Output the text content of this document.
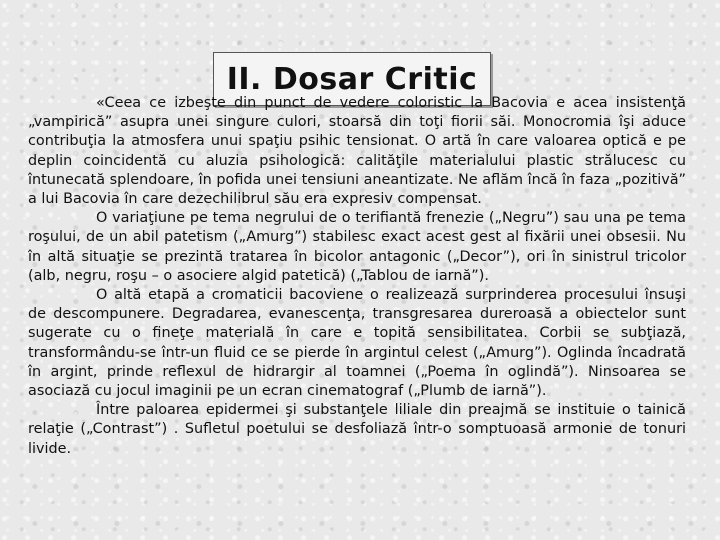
II. Dosar Critic

«Ceea ce izbeşte din punct de vedere coloristic la Bacovia e acea insistenţă „vampirică” asupra unei singure culori, stoarsă din toţi fiorii săi. Monocromia îşi aduce contribuţia la atmosfera unui spaţiu psihic tensionat. O artă în care valoarea optică e pe deplin coincidentă cu aluzia psihologică: calităţile materialului plastic strălucesc cu întunecată splendoare, în pofida unei tensiuni aneantizate. Ne aflăm încă în faza „pozitivă” a lui Bacovia în care dezechilibrul său era expresiv compensat.

O variaţiune pe tema negrului de o terifiantă frenezie („Negru”) sau una pe tema roşului, de un abil patetism („Amurg”) stabilesc exact acest gest al fixării unei obsesii. Nu în altă situaţie se prezintă tratarea în bicolor antagonic („Decor”), ori în sinistrul tricolor (alb, negru, roşu – o asociere algid patetică) („Tablou de iarnă”).

O altă etapă a cromaticii bacoviene o realizează surprinderea procesului însuşi de descompunere. Degradarea, evanescenţa, transgresarea dureroasă a obiectelor sunt sugerate cu o fineţe materială în care e topită sensibilitatea. Corbii se subţiază, transformându-se într-un fluid ce se pierde în argintul celest („Amurg”). Oglinda încadrată în argint, prinde reflexul de hidrargir al toamnei („Poema în oglindă”). Ninsoarea se asociază cu jocul imaginii pe un ecran cinematograf („Plumb de iarnă”).

Între paloarea epidermei şi substanţele liliale din preajmă se instituie o tainică relaţie („Contrast”) . Sufletul poetului se desfoliază într-o somptuoasă armonie de tonuri livide.
